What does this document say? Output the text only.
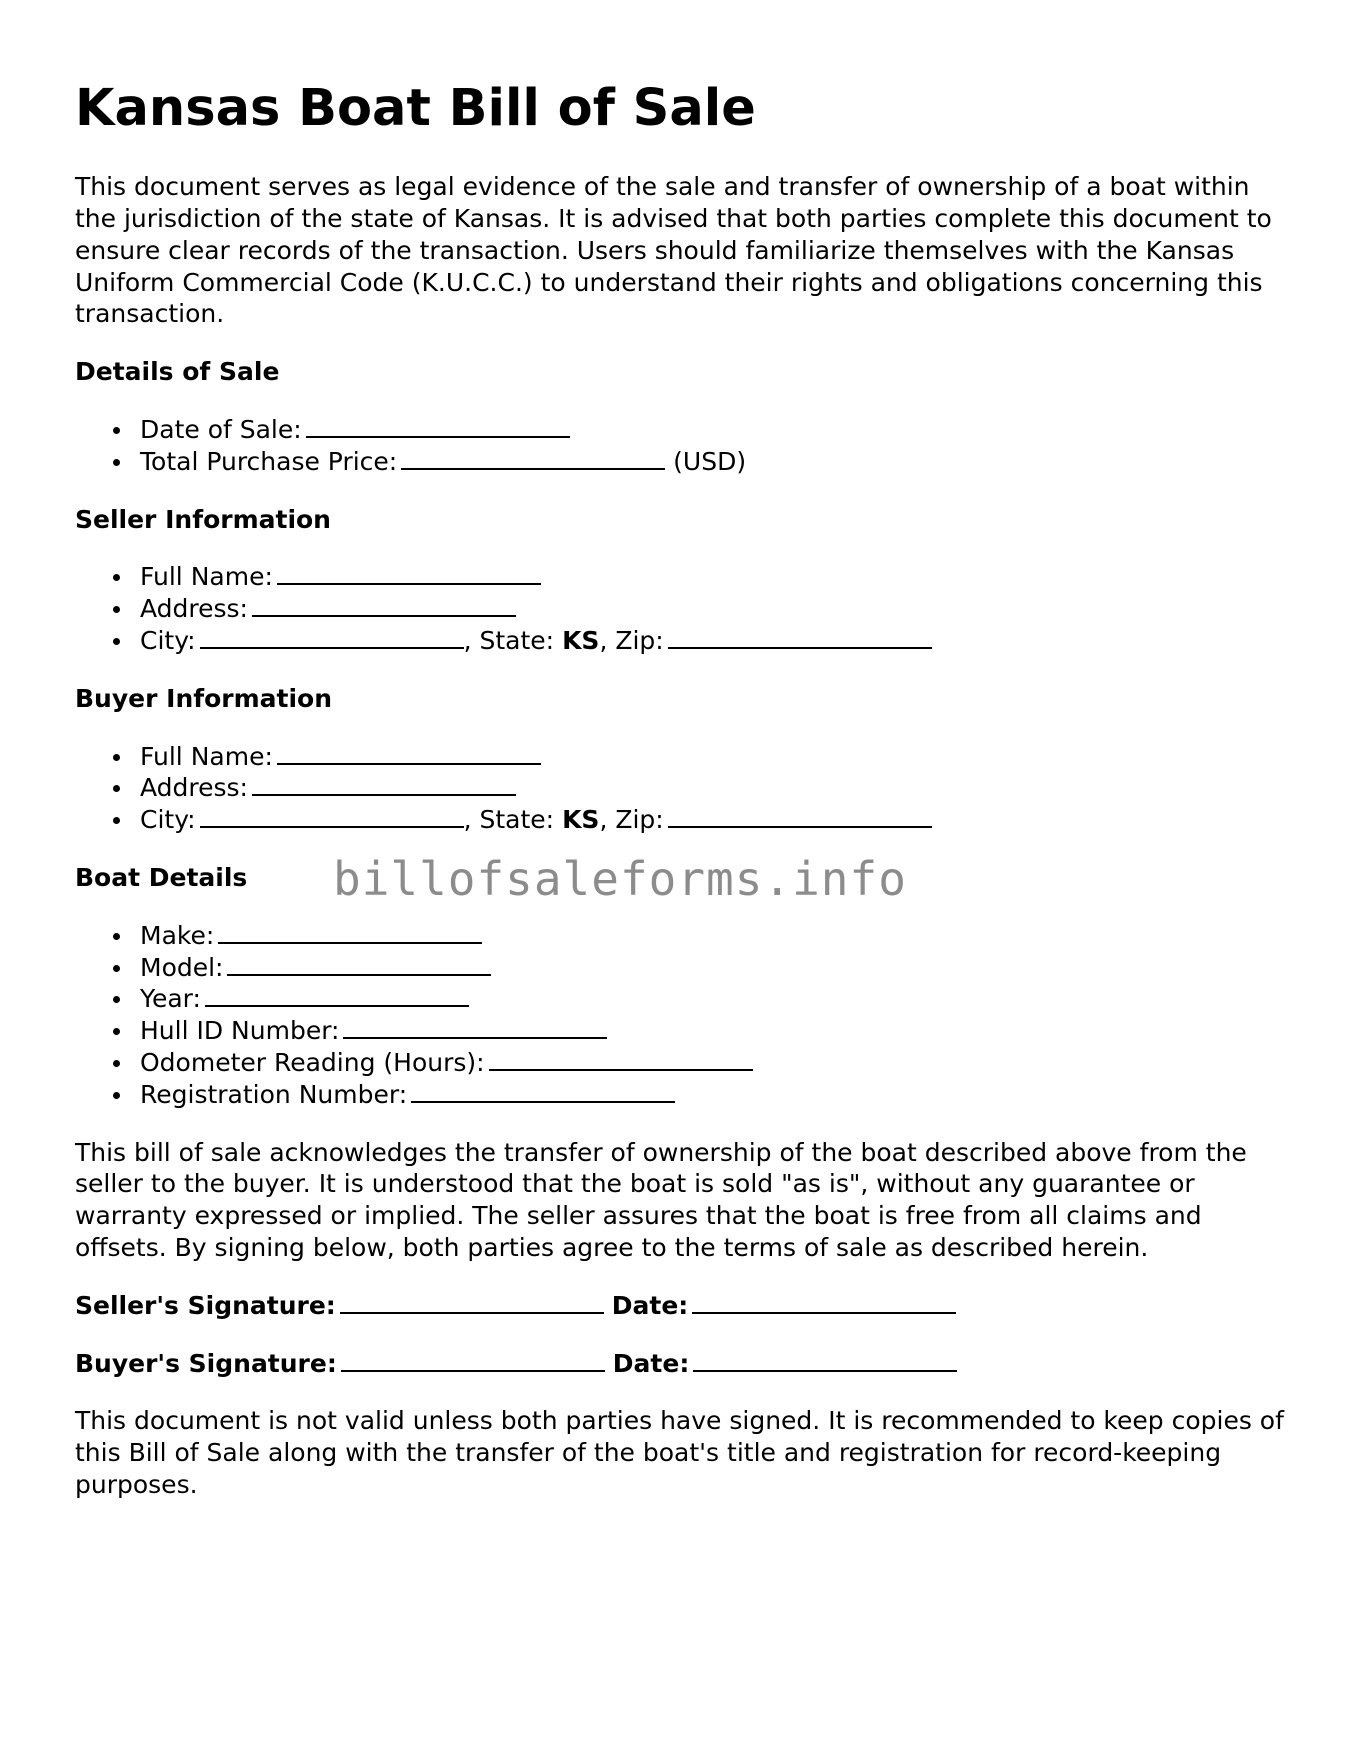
Kansas Boat Bill of Sale

This document serves as legal evidence of the sale and transfer of ownership of a boat within the jurisdiction of the state of Kansas. It is advised that both parties complete this document to ensure clear records of the transaction. Users should familiarize themselves with the Kansas Uniform Commercial Code (K.U.C.C.) to understand their rights and obligations concerning this transaction.

Details of Sale
Date of Sale:
Total Purchase Price:	(USD)
Seller Information
Full Name:
Address:
City:	, State: KS, Zip:
Buyer Information
Full Name:
Address:
City:	, State: KS, Zip:
Boat Details
Make:
Model:
Year:
Hull ID Number:
Odometer Reading (Hours):
Registration Number:

This bill of sale acknowledges the transfer of ownership of the boat described above from the seller to the buyer. It is understood that the boat is sold "as is", without any guarantee or warranty expressed or implied. The seller assures that the boat is free from all claims and offsets. By signing below, both parties agree to the terms of sale as described herein.

Seller's Signature:	Date:
Buyer's Signature:	Date:

This document is not valid unless both parties have signed. It is recommended to keep copies of this Bill of Sale along with the transfer of the boat's title and registration for record-keeping purposes.

billofsaleforms.info
